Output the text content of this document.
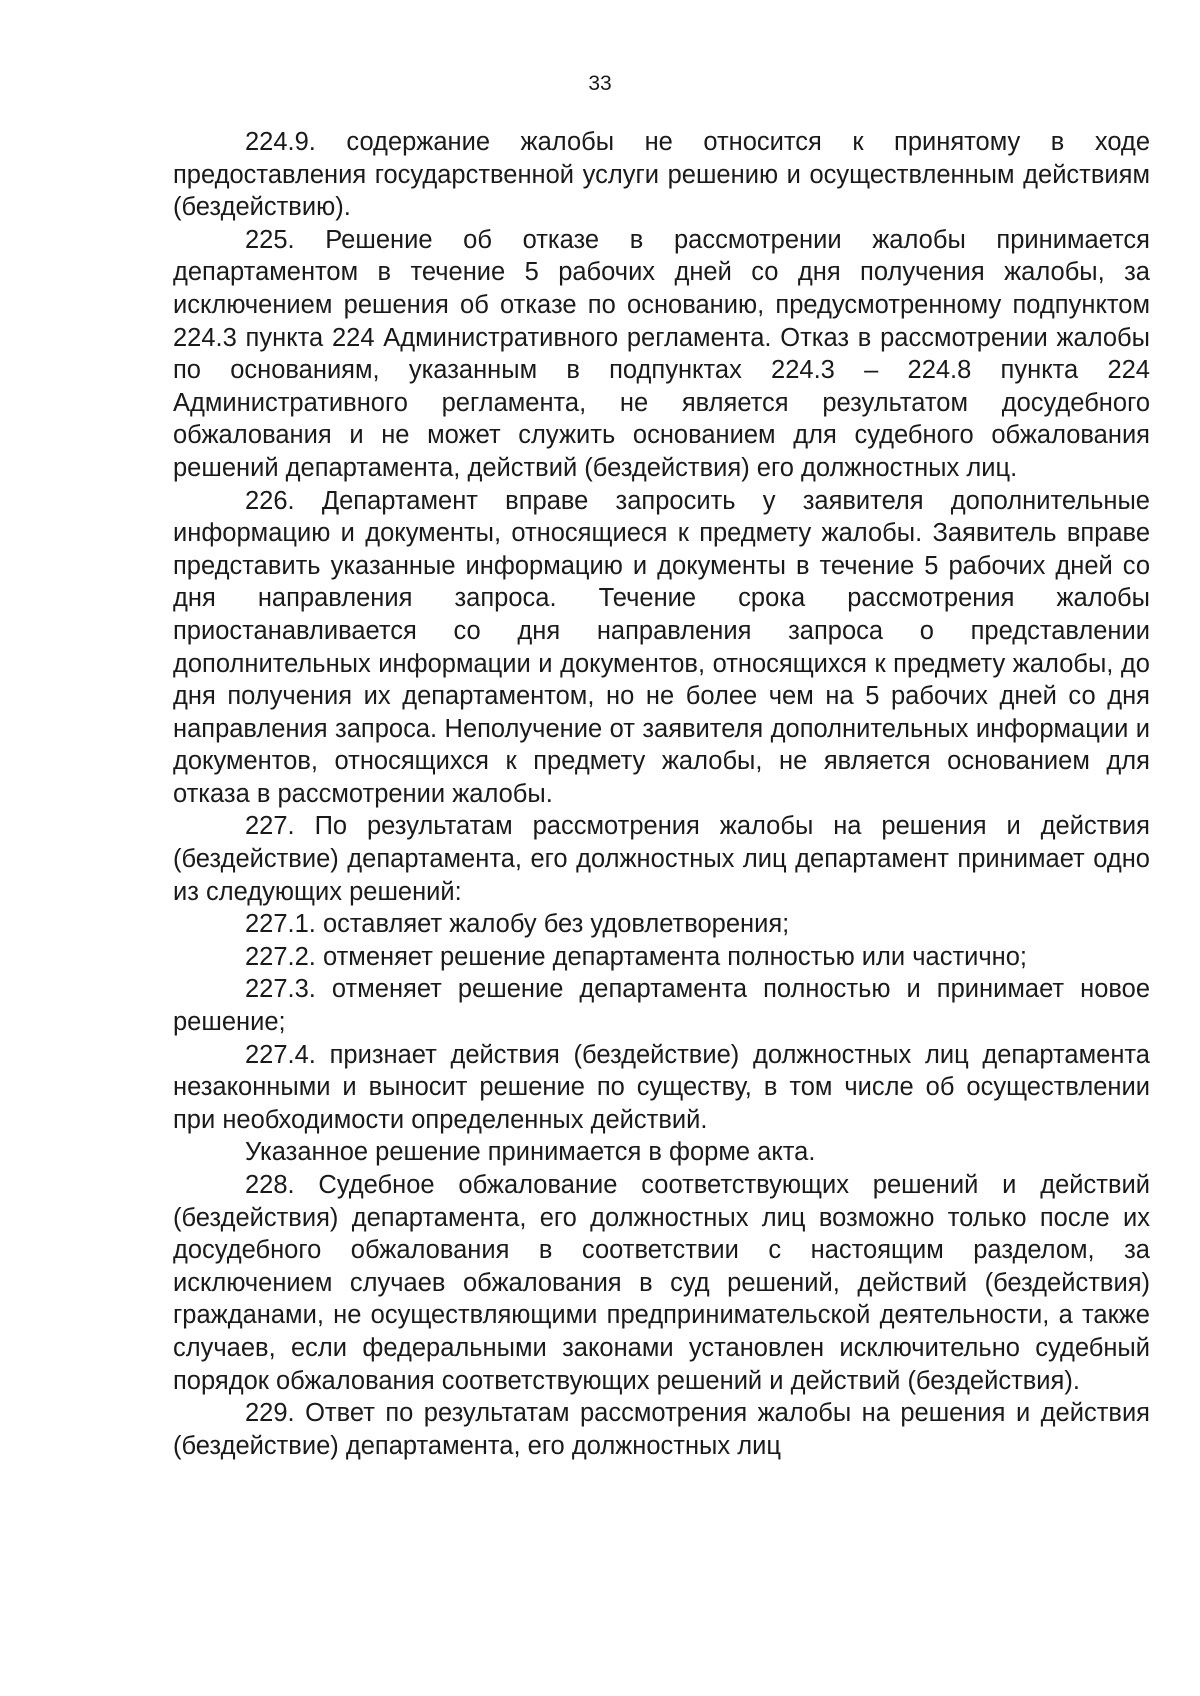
33

224.9. содержание жалобы не относится к принятому в ходе предоставления государственной услуги решению и осуществленным действиям (бездействию).

225. Решение об отказе в рассмотрении жалобы принимается департаментом в течение 5 рабочих дней со дня получения жалобы, за исключением решения об отказе по основанию, предусмотренному подпунктом 224.3 пункта 224 Административного регламента. Отказ в рассмотрении жалобы по основаниям, указанным в подпунктах 224.3 – 224.8 пункта 224 Административного регламента, не является результатом досудебного обжалования и не может служить основанием для судебного обжалования решений департамента, действий (бездействия) его должностных лиц.

226. Департамент вправе запросить у заявителя дополнительные информацию и документы, относящиеся к предмету жалобы. Заявитель вправе представить указанные информацию и документы в течение 5 рабочих дней со дня направления запроса. Течение срока рассмотрения жалобы приостанавливается со дня направления запроса о представлении дополнительных информации и документов, относящихся к предмету жалобы, до дня получения их департаментом, но не более чем на 5 рабочих дней со дня направления запроса. Неполучение от заявителя дополнительных информации и документов, относящихся к предмету жалобы, не является основанием для отказа в рассмотрении жалобы.

227. По результатам рассмотрения жалобы на решения и действия (бездействие) департамента, его должностных лиц департамент принимает одно из следующих решений:

227.1. оставляет жалобу без удовлетворения;

227.2. отменяет решение департамента полностью или частично;

227.3. отменяет решение департамента полностью и принимает новое решение;

227.4. признает действия (бездействие) должностных лиц департамента незаконными и выносит решение по существу, в том числе об осуществлении при необходимости определенных действий.

Указанное решение принимается в форме акта.

228. Судебное обжалование соответствующих решений и действий (бездействия) департамента, его должностных лиц возможно только после их досудебного обжалования в соответствии с настоящим разделом, за исключением случаев обжалования в суд решений, действий (бездействия) гражданами, не осуществляющими предпринимательской деятельности, а также случаев, если федеральными законами установлен исключительно судебный порядок обжалования соответствующих решений и действий (бездействия).

229. Ответ по результатам рассмотрения жалобы на решения и действия (бездействие) департамента, его должностных лиц
